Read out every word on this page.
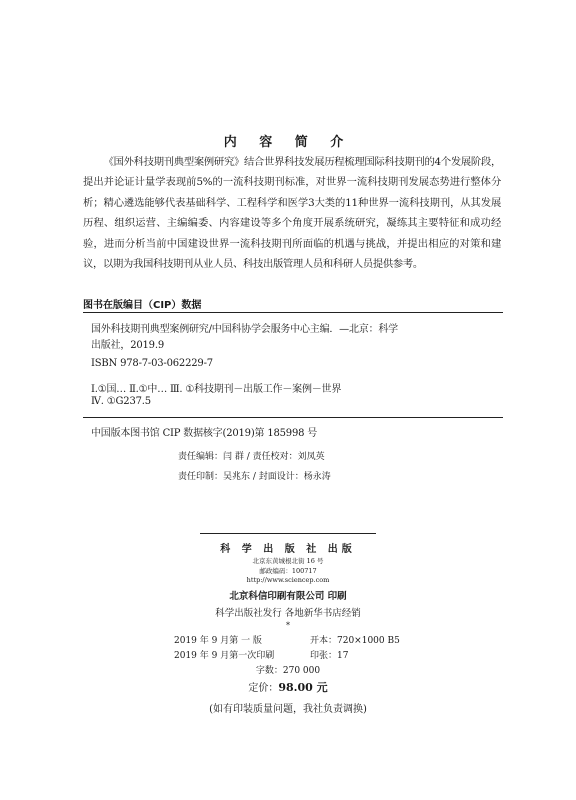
内 容 简 介

《国外科技期刊典型案例研究》结合世界科技发展历程梳理国际科技期刊的4个发展阶段，提出并论证计量学表现前5%的一流科技期刊标准，对世界一流科技期刊发展态势进行整体分析；精心遴选能够代表基础科学、工程科学和医学3大类的11种世界一流科技期刊，从其发展历程、组织运营、主编编委、内容建设等多个角度开展系统研究，凝练其主要特征和成功经验，进而分析当前中国建设世界一流科技期刊所面临的机遇与挑战，并提出相应的对策和建议，以期为我国科技期刊从业人员、科技出版管理人员和科研人员提供参考。

图书在版编目（CIP）数据
国外科技期刊典型案例研究/中国科协学会服务中心主编．—北京：科学
出版社，2019.9
ISBN 978-7-03-062229-7
Ⅰ.①国… Ⅱ.①中… Ⅲ. ①科技期刊－出版工作－案例－世界
Ⅳ. ①G237.5
中国版本图书馆 CIP 数据核字(2019)第 185998 号
责任编辑：闫 群 / 责任校对：刘凤英
责任印制：吴兆东 / 封面设计：杨永涛
科 学 出 版 社 出版
北京东黄城根北街 16 号
邮政编码：100717
http://www.sciencep.com
北京科信印刷有限公司 印刷
科学出版社发行 各地新华书店经销
*
2019 年 9 月第 一 版	开本：720×1000 B5
2019 年 9 月第一次印刷	印张：17
字数：270 000
定价：98.00 元
(如有印装质量问题，我社负责调换)
